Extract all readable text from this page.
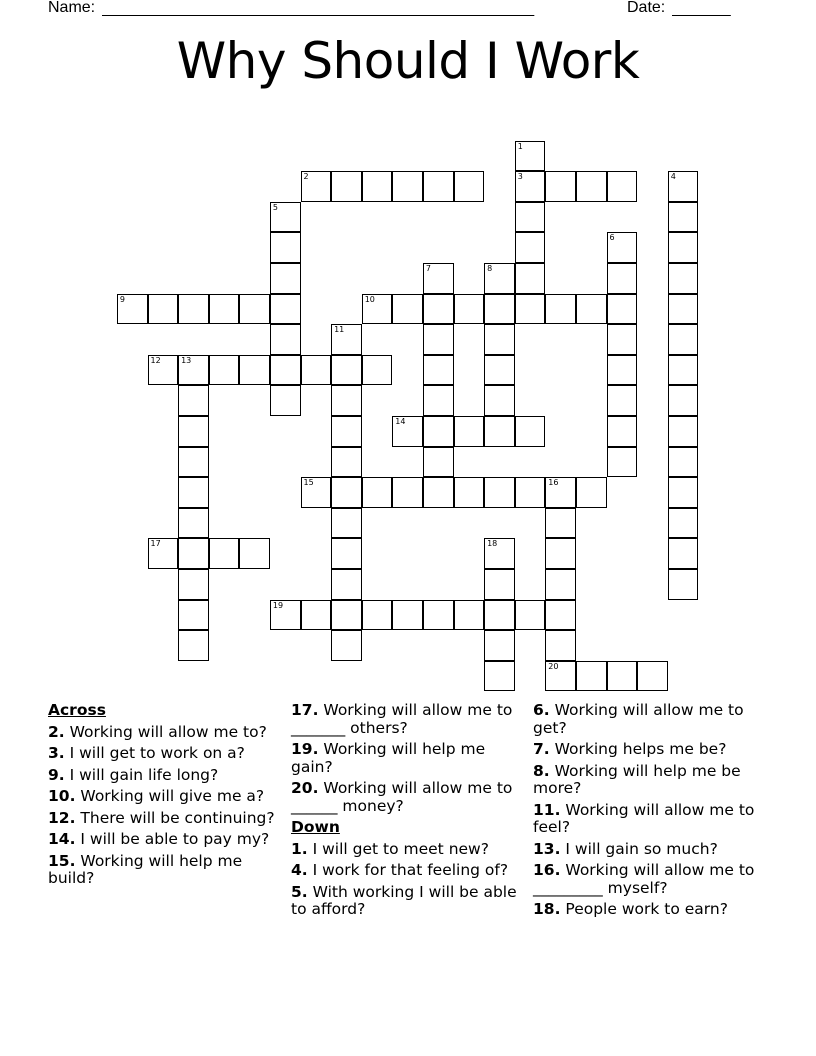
Name: ____________________________________________________	Date: _______
Why Should I Work
1
2	3	4
5
6
7	8
9	10
11
12	13
14
15	16
17	18
19
20
Across
2. Working will allow me to?
3. I will get to work on a?
9. I will gain life long?
10. Working will give me a?
12. There will be continuing?
14. I will be able to pay my?
15. Working will help me build?
17. Working will allow me to _______ others?
19. Working will help me gain?
20. Working will allow me to ______ money?
Down
1. I will get to meet new?
4. I work for that feeling of?
5. With working I will be able to afford?
6. Working will allow me to get?
7. Working helps me be?
8. Working will help me be more?
11. Working will allow me to feel?
13. I will gain so much?
16. Working will allow me to _________ myself?
18. People work to earn?
